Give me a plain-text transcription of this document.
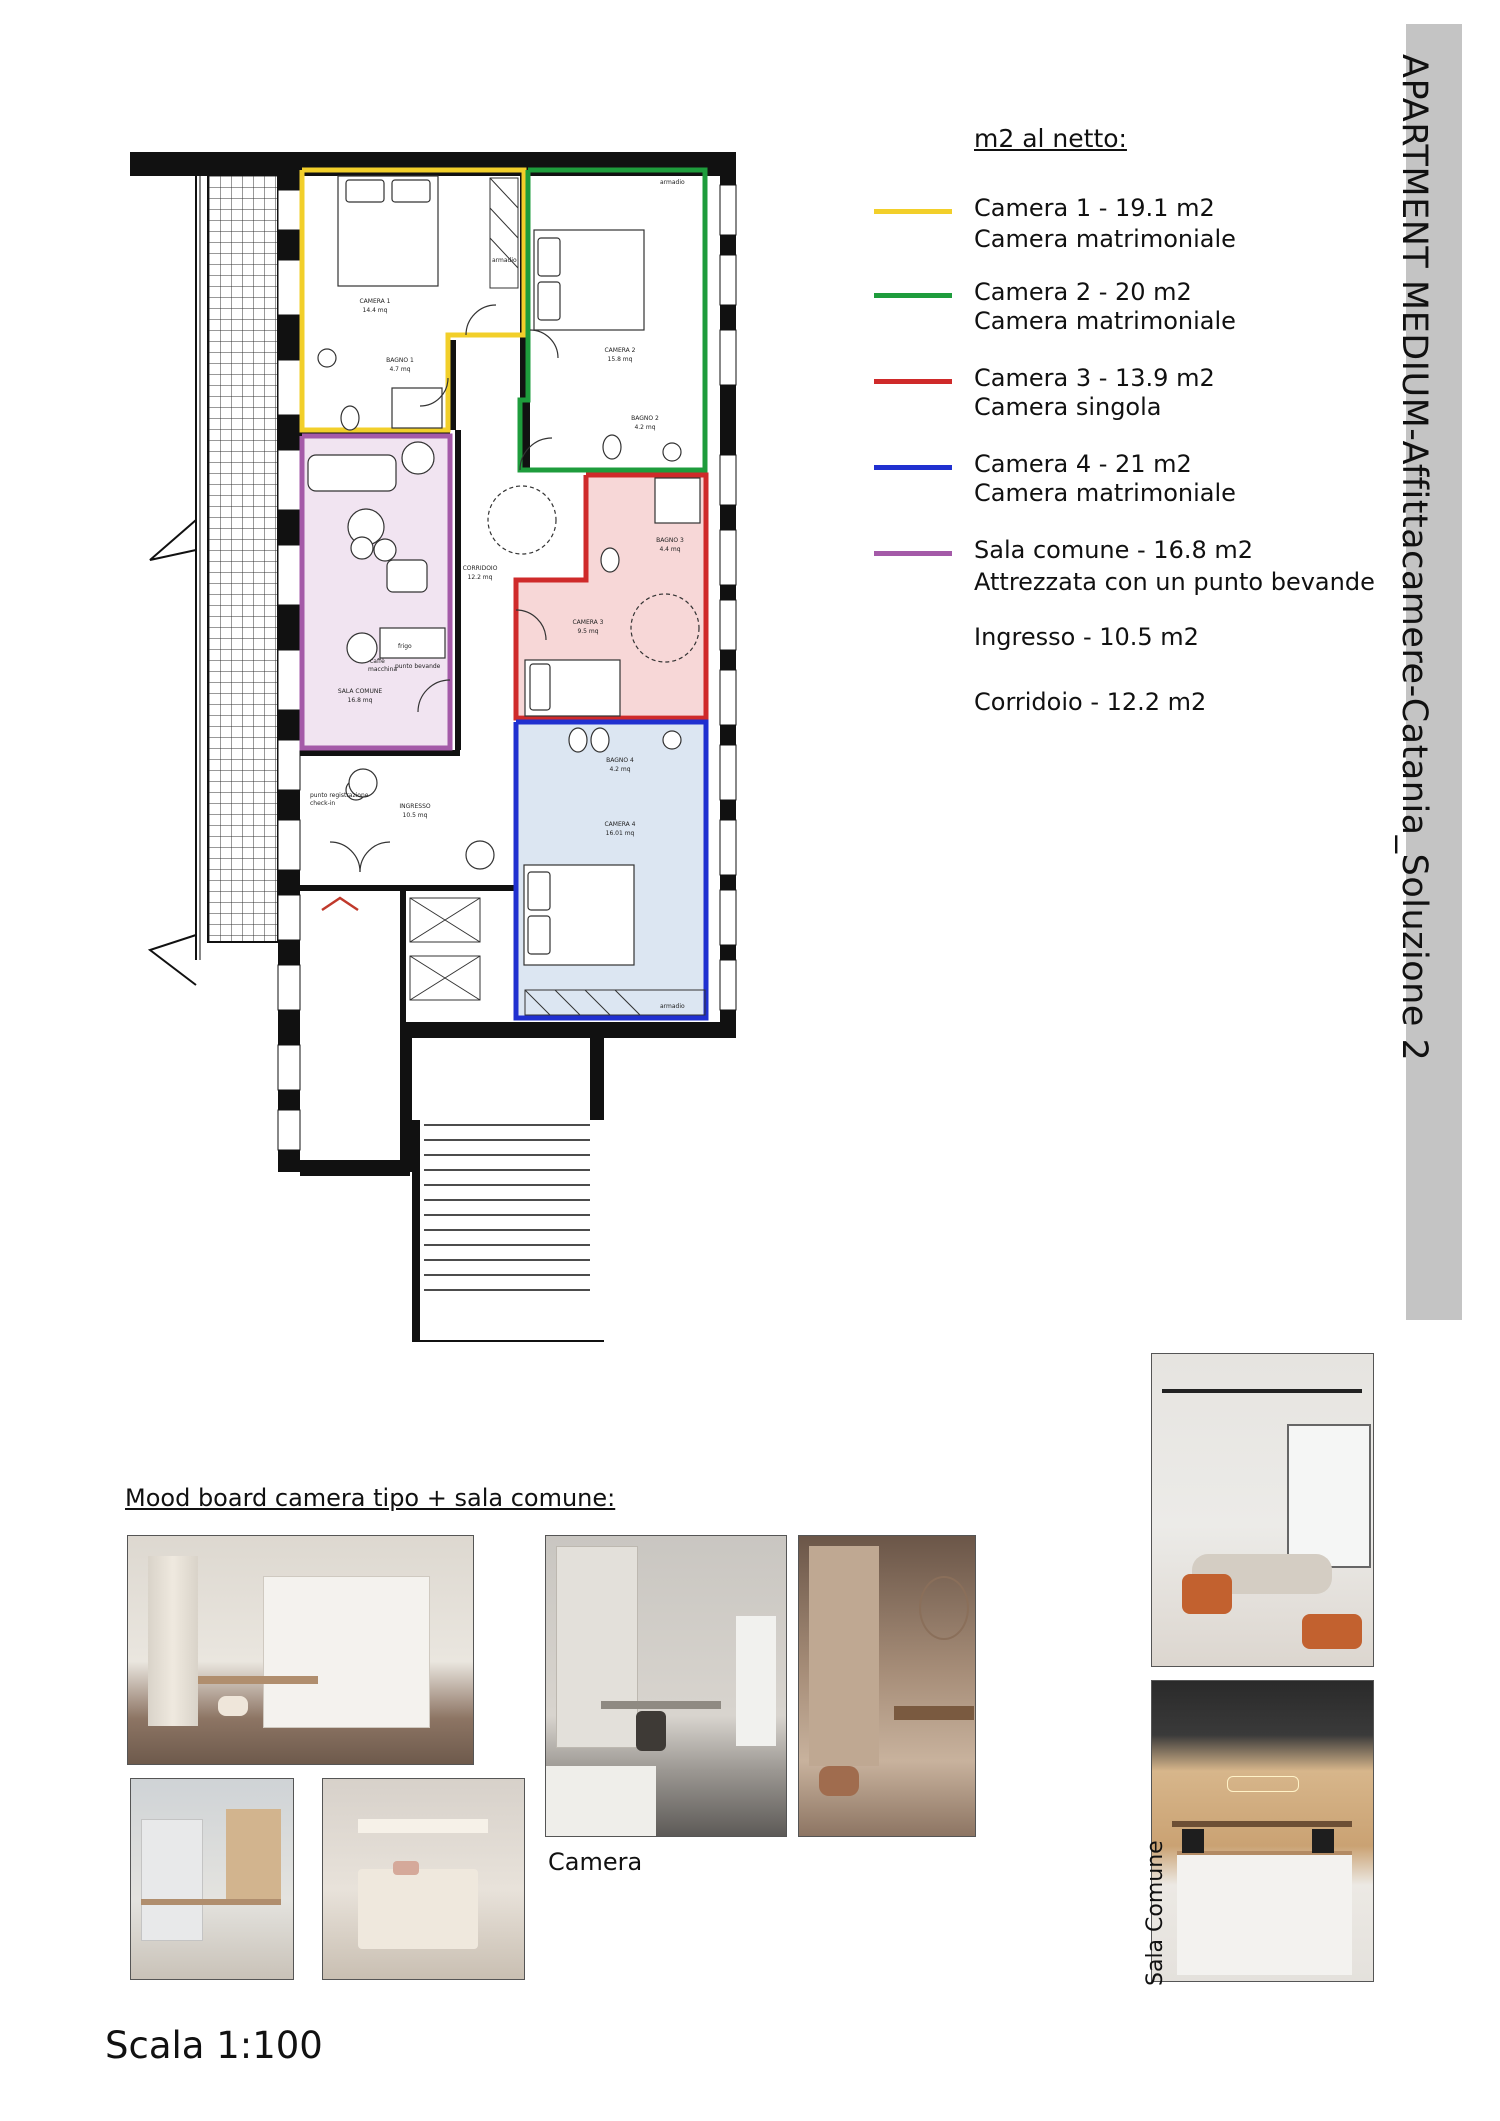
CAMERA 1
14.4 mq
BAGNO 1
4.7 mq
CAMERA 2
15.8 mq
BAGNO 2
4.2 mq
BAGNO 3
4.4 mq
CAMERA 3
9.5 mq
CORRIDOIO
12.2 mq
BAGNO 4
4.2 mq
CAMERA 4
16.01 mq
SALA COMUNE
16.8 mq
INGRESSO
10.5 mq
punto bevande
caffè
macchina
frigo
armadio
armadio
armadio
punto registrazione
check-in	APARTMENT MEDIUM-Affittacamere-Catania_Soluzione 2
m2 al netto:
Camera 1 - 19.1 m2
Camera matrimoniale
Camera 2 - 20 m2
Camera matrimoniale
Camera 3 - 13.9 m2
Camera singola
Camera 4 - 21 m2
Camera matrimoniale
Sala comune - 16.8 m2
Attrezzata con un punto bevande
Ingresso - 10.5 m2
Corridoio - 12.2 m2
Mood board camera tipo + sala comune:
Camera	Sala Comune
Scala 1:100
